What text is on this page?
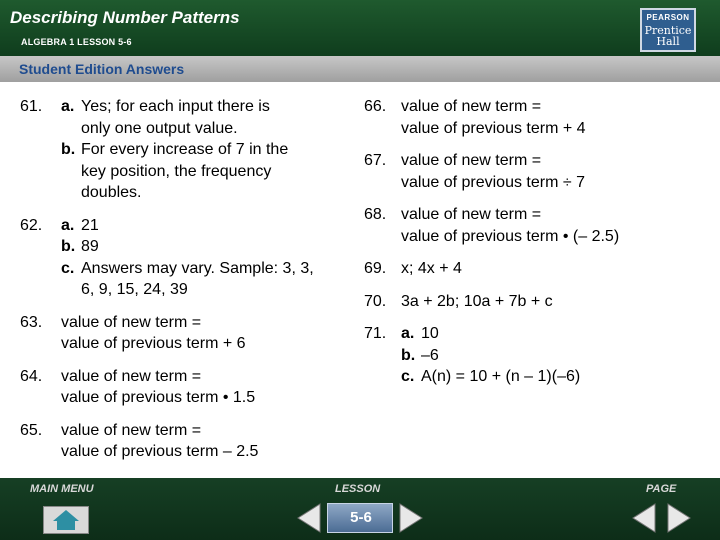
Describing Number Patterns
ALGEBRA 1 LESSON 5-6
PEARSON
Prentice
Hall
Student Edition Answers
61.	a. Yes; for each input there is only one output value.
b. For every increase of 7 in the key position, the frequency doubles.
62.	a. 21
b. 89
c. Answers may vary. Sample: 3, 3, 6, 9, 15, 24, 39
63.	value of new term =
value of previous term + 6
64.	value of new term =
value of previous term • 1.5
65.	value of new term =
value of previous term – 2.5
66. value of new term =
value of previous term + 4
67. value of new term =
value of previous term ÷ 7
68. value of new term =
value of previous term • (– 2.5)
69. x; 4x + 4
70. 3a + 2b; 10a + 7b + c
71. a. 10
b. –6
c. A(n) = 10 + (n – 1)(–6)
MAIN MENU	LESSON	PAGE
5-6
